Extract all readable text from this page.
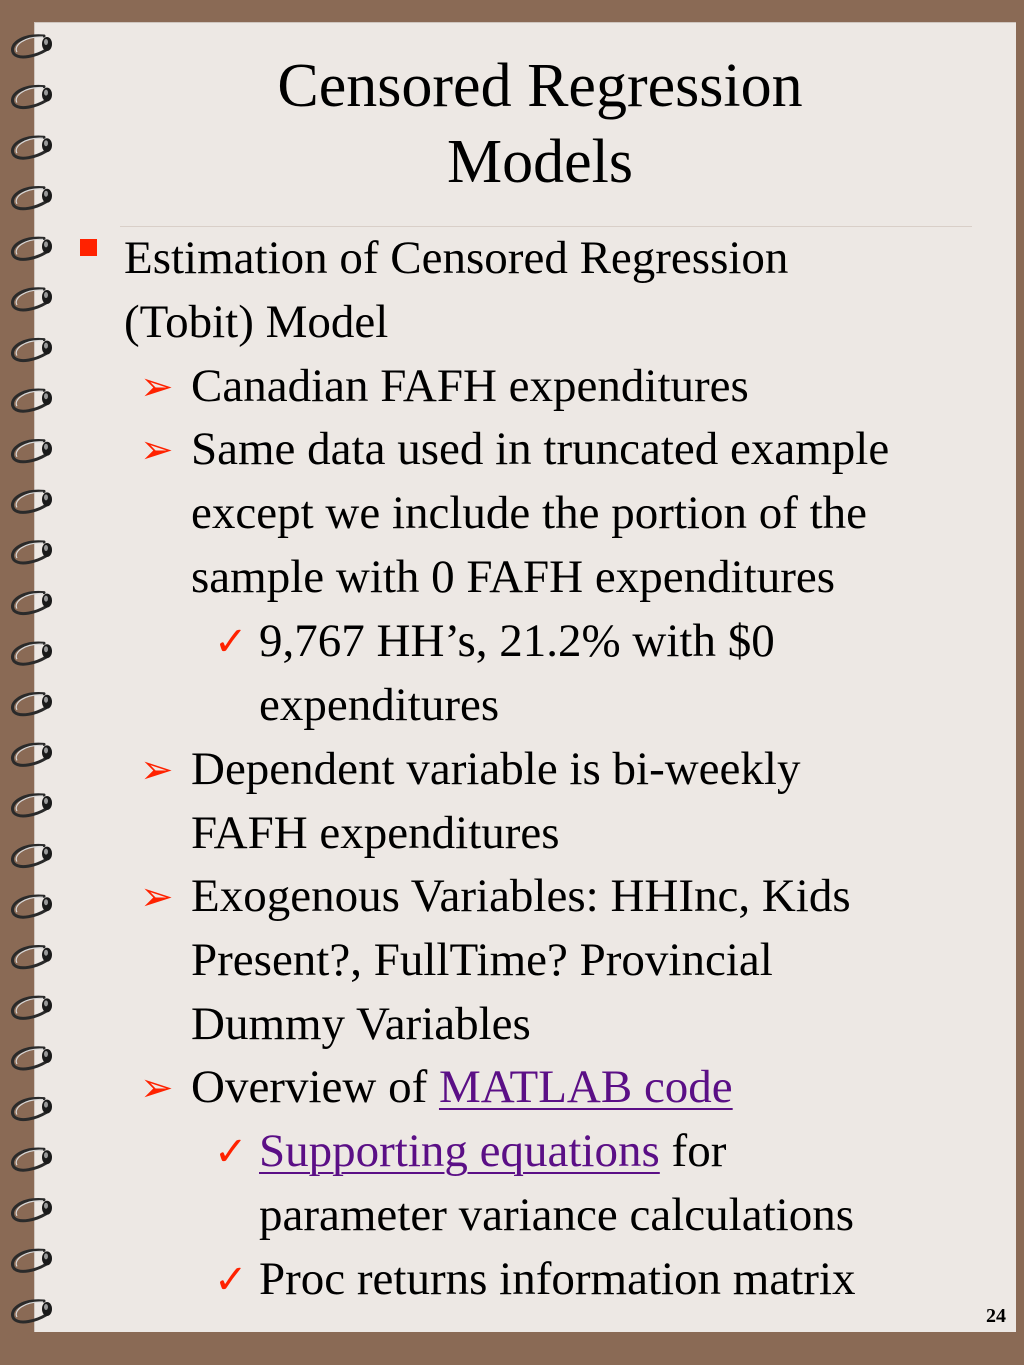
Censored Regression
Models
Estimation of Censored Regression
(Tobit) Model
➢ Canadian FAFH expenditures
➢ Same data used in truncated example
except we include the portion of the
sample with 0 FAFH expenditures
✓ 9,767 HH’s, 21.2% with $0
expenditures
➢ Dependent variable is bi-weekly
FAFH expenditures
➢ Exogenous Variables: HHInc, Kids
Present?, FullTime? Provincial
Dummy Variables
➢ Overview of MATLAB code
✓ Supporting equations for
parameter variance calculations
✓ Proc returns information matrix
24
